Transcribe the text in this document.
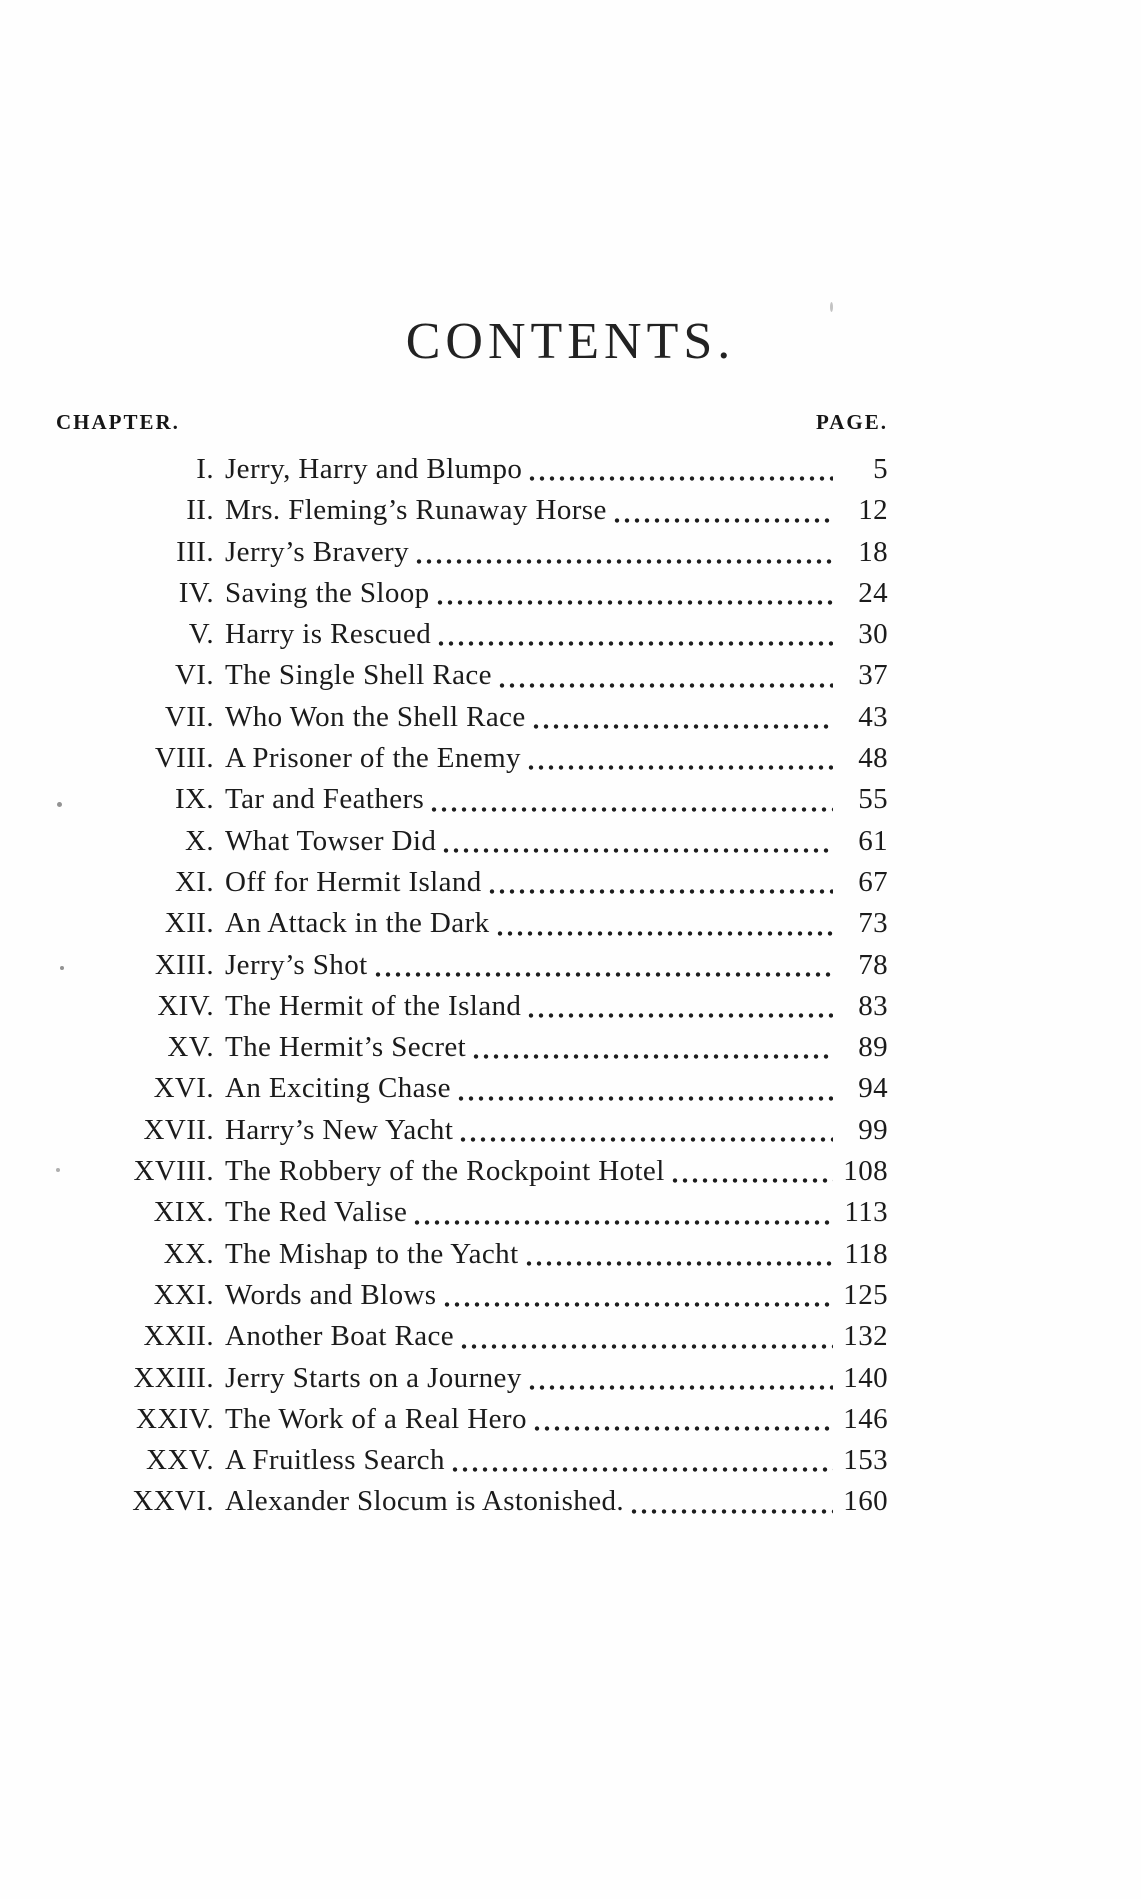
CONTENTS.
CHAPTER.	PAGE.
I. Jerry, Harry and Blumpo	5
II. Mrs. Fleming’s Runaway Horse	12
III. Jerry’s Bravery	18
IV. Saving the Sloop	24
V. Harry is Rescued	30
VI. The Single Shell Race	37
VII. Who Won the Shell Race	43
VIII. A Prisoner of the Enemy	48
IX. Tar and Feathers	55
X. What Towser Did	61
XI. Off for Hermit Island	67
XII. An Attack in the Dark	73
XIII. Jerry’s Shot	78
XIV. The Hermit of the Island	83
XV. The Hermit’s Secret	89
XVI. An Exciting Chase	94
XVII. Harry’s New Yacht	99
XVIII. The Robbery of the Rockpoint Hotel	108
XIX. The Red Valise	113
XX. The Mishap to the Yacht	118
XXI. Words and Blows	125
XXII. Another Boat Race	132
XXIII. Jerry Starts on a Journey	140
XXIV. The Work of a Real Hero	146
XXV. A Fruitless Search	153
XXVI. Alexander Slocum is Astonished.	160
